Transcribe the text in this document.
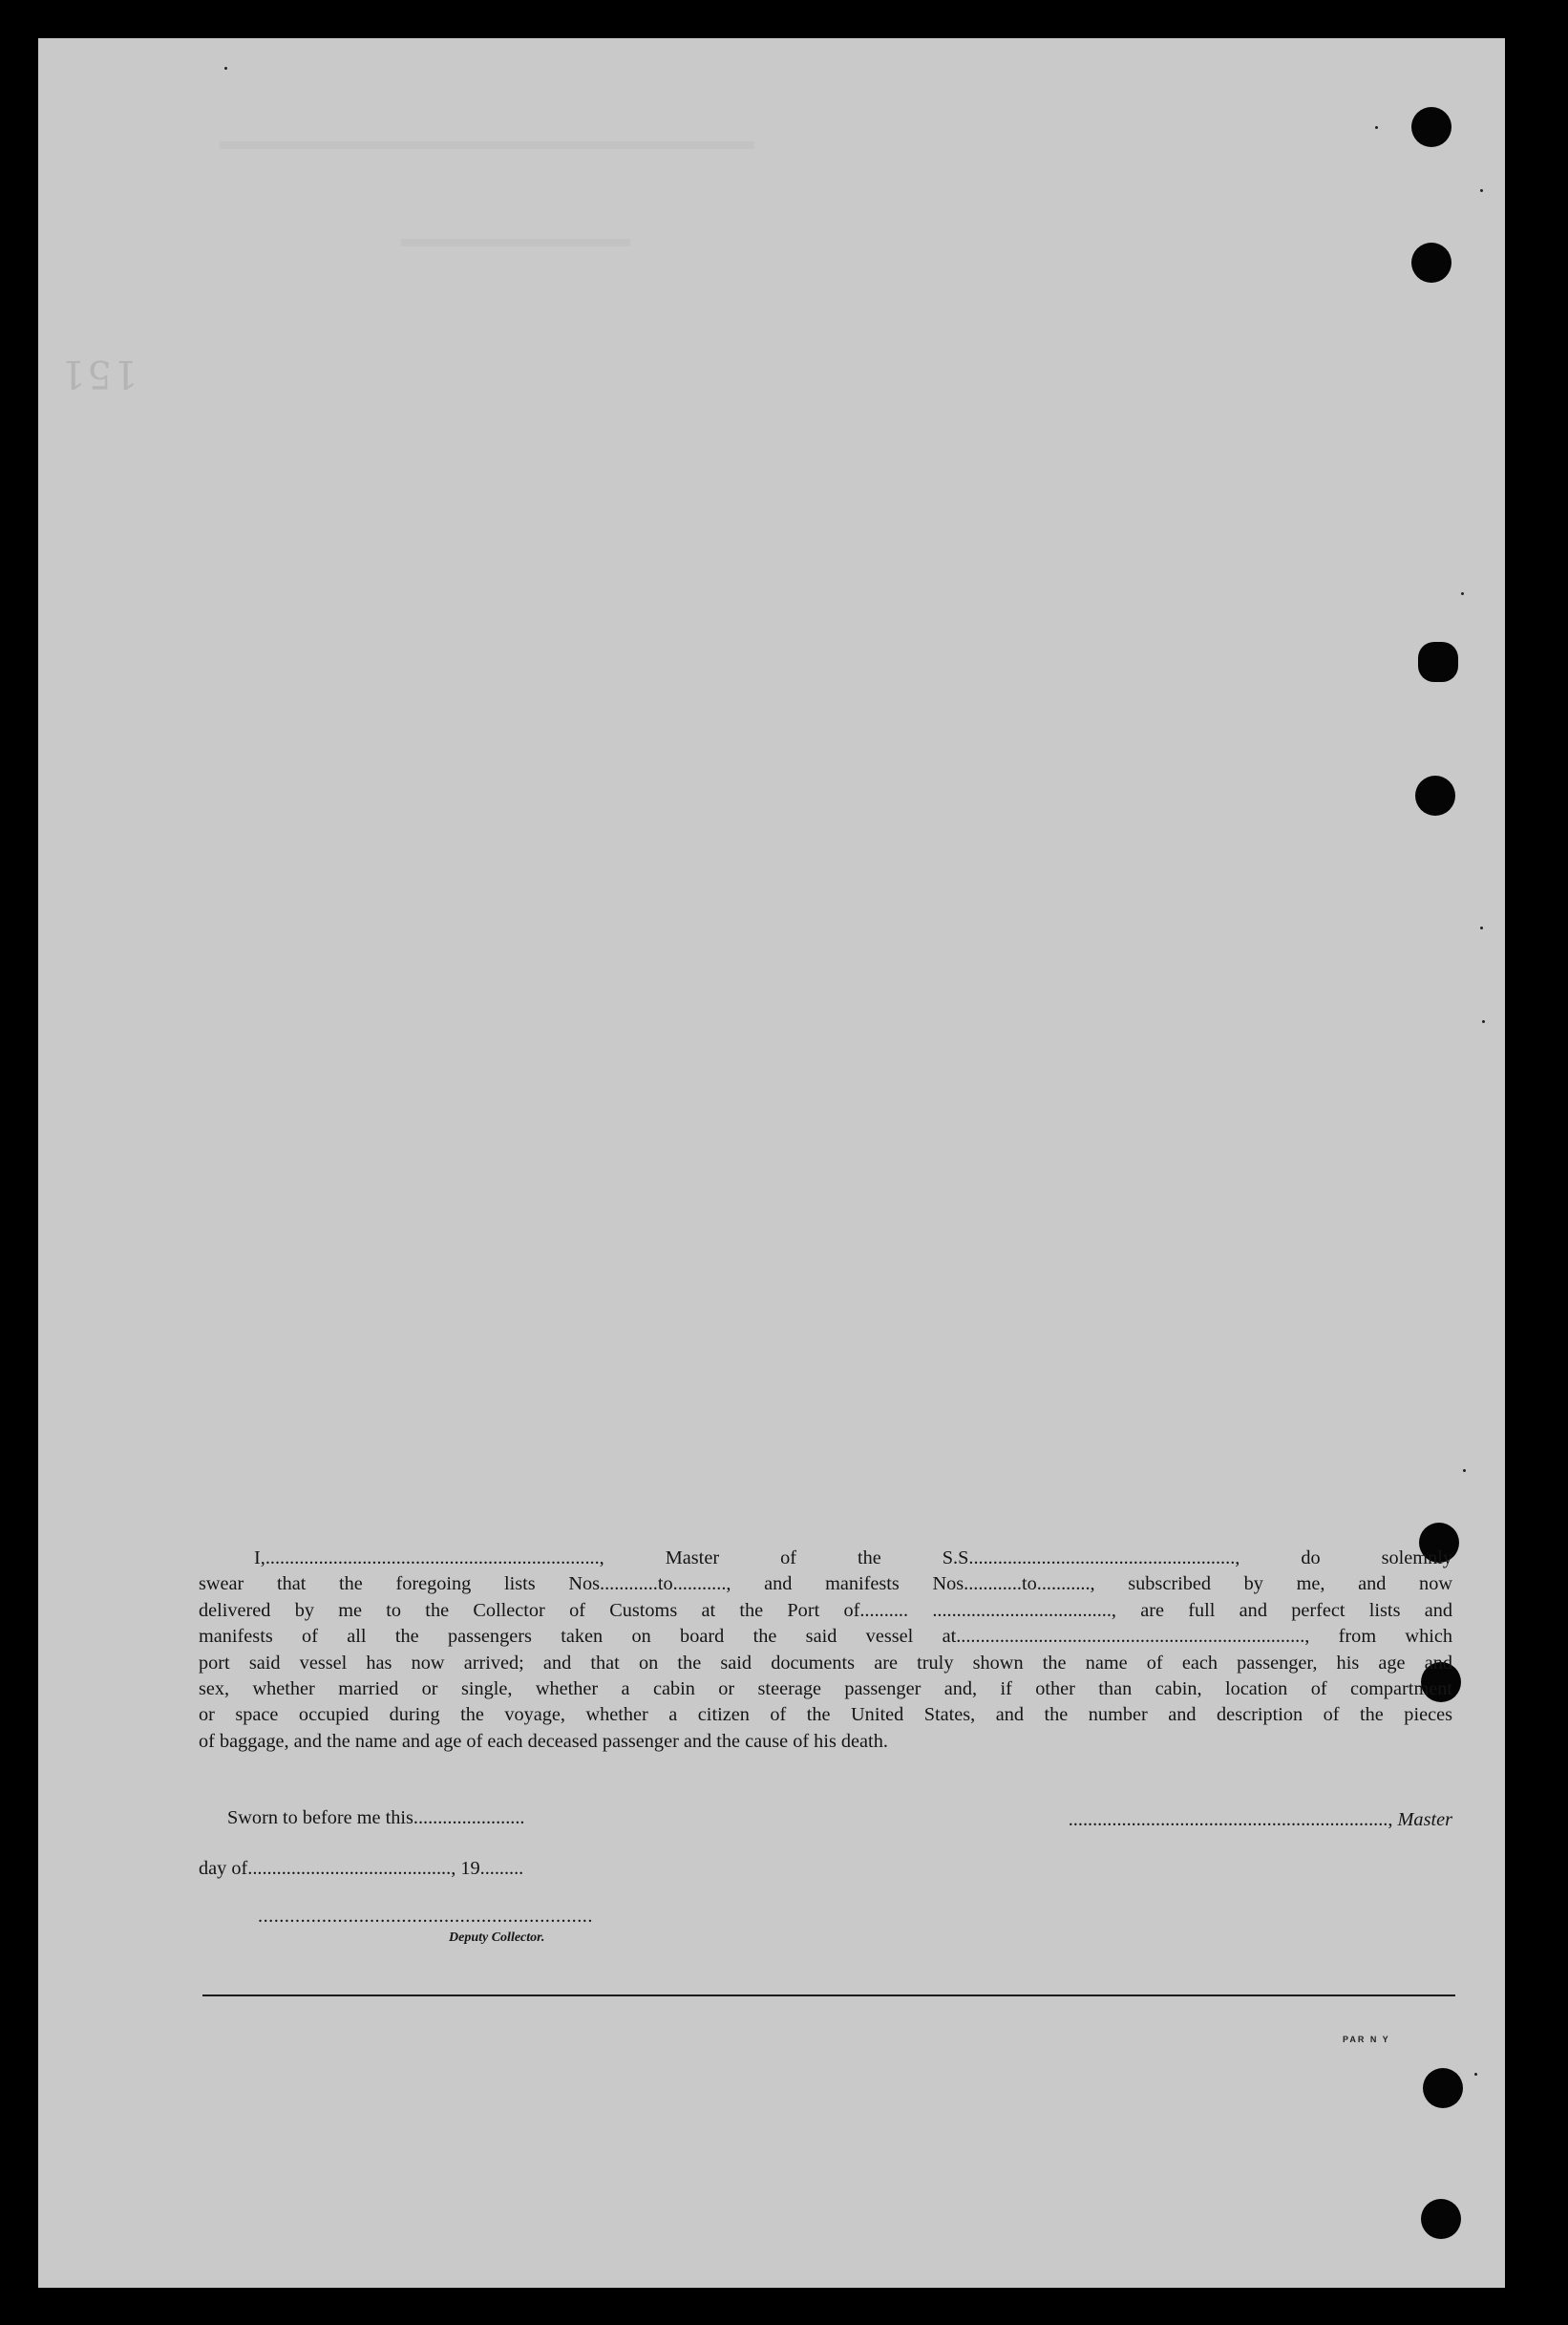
151
I,....................................................................., Master of the S.S......................................................., do solemnly
swear that the foregoing lists Nos............to..........., and manifests Nos............to..........., subscribed by me, and now
delivered by me to the Collector of Customs at the Port of.......... ....................................., are full and perfect lists and
manifests of all the passengers taken on board the said vessel at........................................................................, from which
port said vessel has now arrived; and that on the said documents are truly shown the name of each passenger, his age and
sex, whether married or single, whether a cabin or steerage passenger and, if other than cabin, location of compartment
or space occupied during the voyage, whether a citizen of the United States, and the number and description of the pieces
of baggage, and the name and age of each deceased passenger and the cause of his death.
Sworn to before me this.......................	.................................................................., Master
day of.........................................., 19.........
...............................................................
Deputy Collector.
PAR N Y
